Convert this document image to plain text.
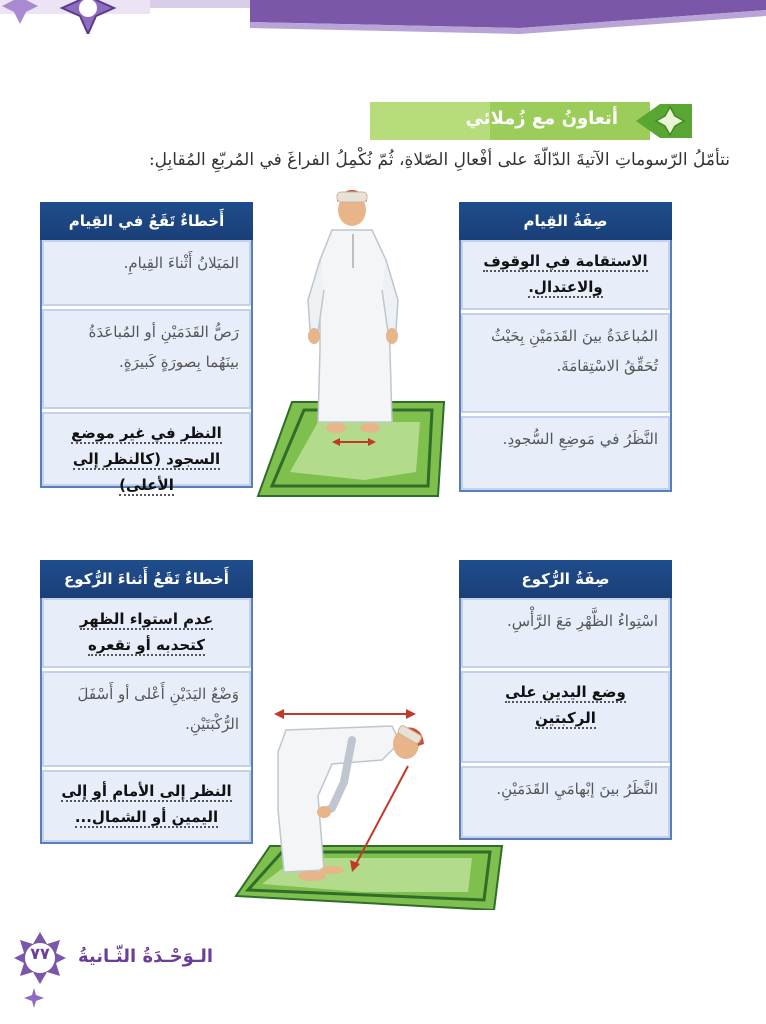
أتعاونُ مع زُملائي
نتأمّلُ الرّسوماتِ الآتيةَ الدّالّةَ على أفْعالِ الصّلاةِ، ثُمّ نُكْمِلُ الفراغَ في المُربّعِ المُقابِلِ:
صِفَةُ القِيام
الاستقامة في الوقوف والاعتدال.
المُباعَدَةُ بينَ القَدَمَيْنِ بِحَيْثُ تُحَقِّقُ الاسْتِقامَةَ.
النَّظَرُ في مَوضِعِ السُّجودِ.
أَخطاءٌ تَقَعُ في القِيام
المَيَلانُ أَثْناءَ القِيامِ.
رَصُّ القَدَمَيْنِ أو المُباعَدَةُ بينَهُما بِصورَةٍ كَبيرَةٍ.
النظر في غير موضع السجود (كالنظر إلى الأعلى)
صِفَةُ الرُّكوع
اسْتِواءُ الظَّهْرِ مَعَ الرَّأْسِ.
وضع اليدين على الركبتين
النَّظَرُ بينَ إبْهامَيِ القَدَمَيْنِ.
أَخطاءٌ تَقَعُ أَثناءَ الرُّكوع
عدم استواء الظهر كتحدبه أو تقعره
وَضْعُ اليَدَيْنِ أَعْلى أو أَسْفَلَ الرُّكْبَتَيْنِ.
النظر إلى الأمام أو إلى اليمين أو الشمال...
٧٧	الـوَحْـدَةُ الثّـانيةُ
